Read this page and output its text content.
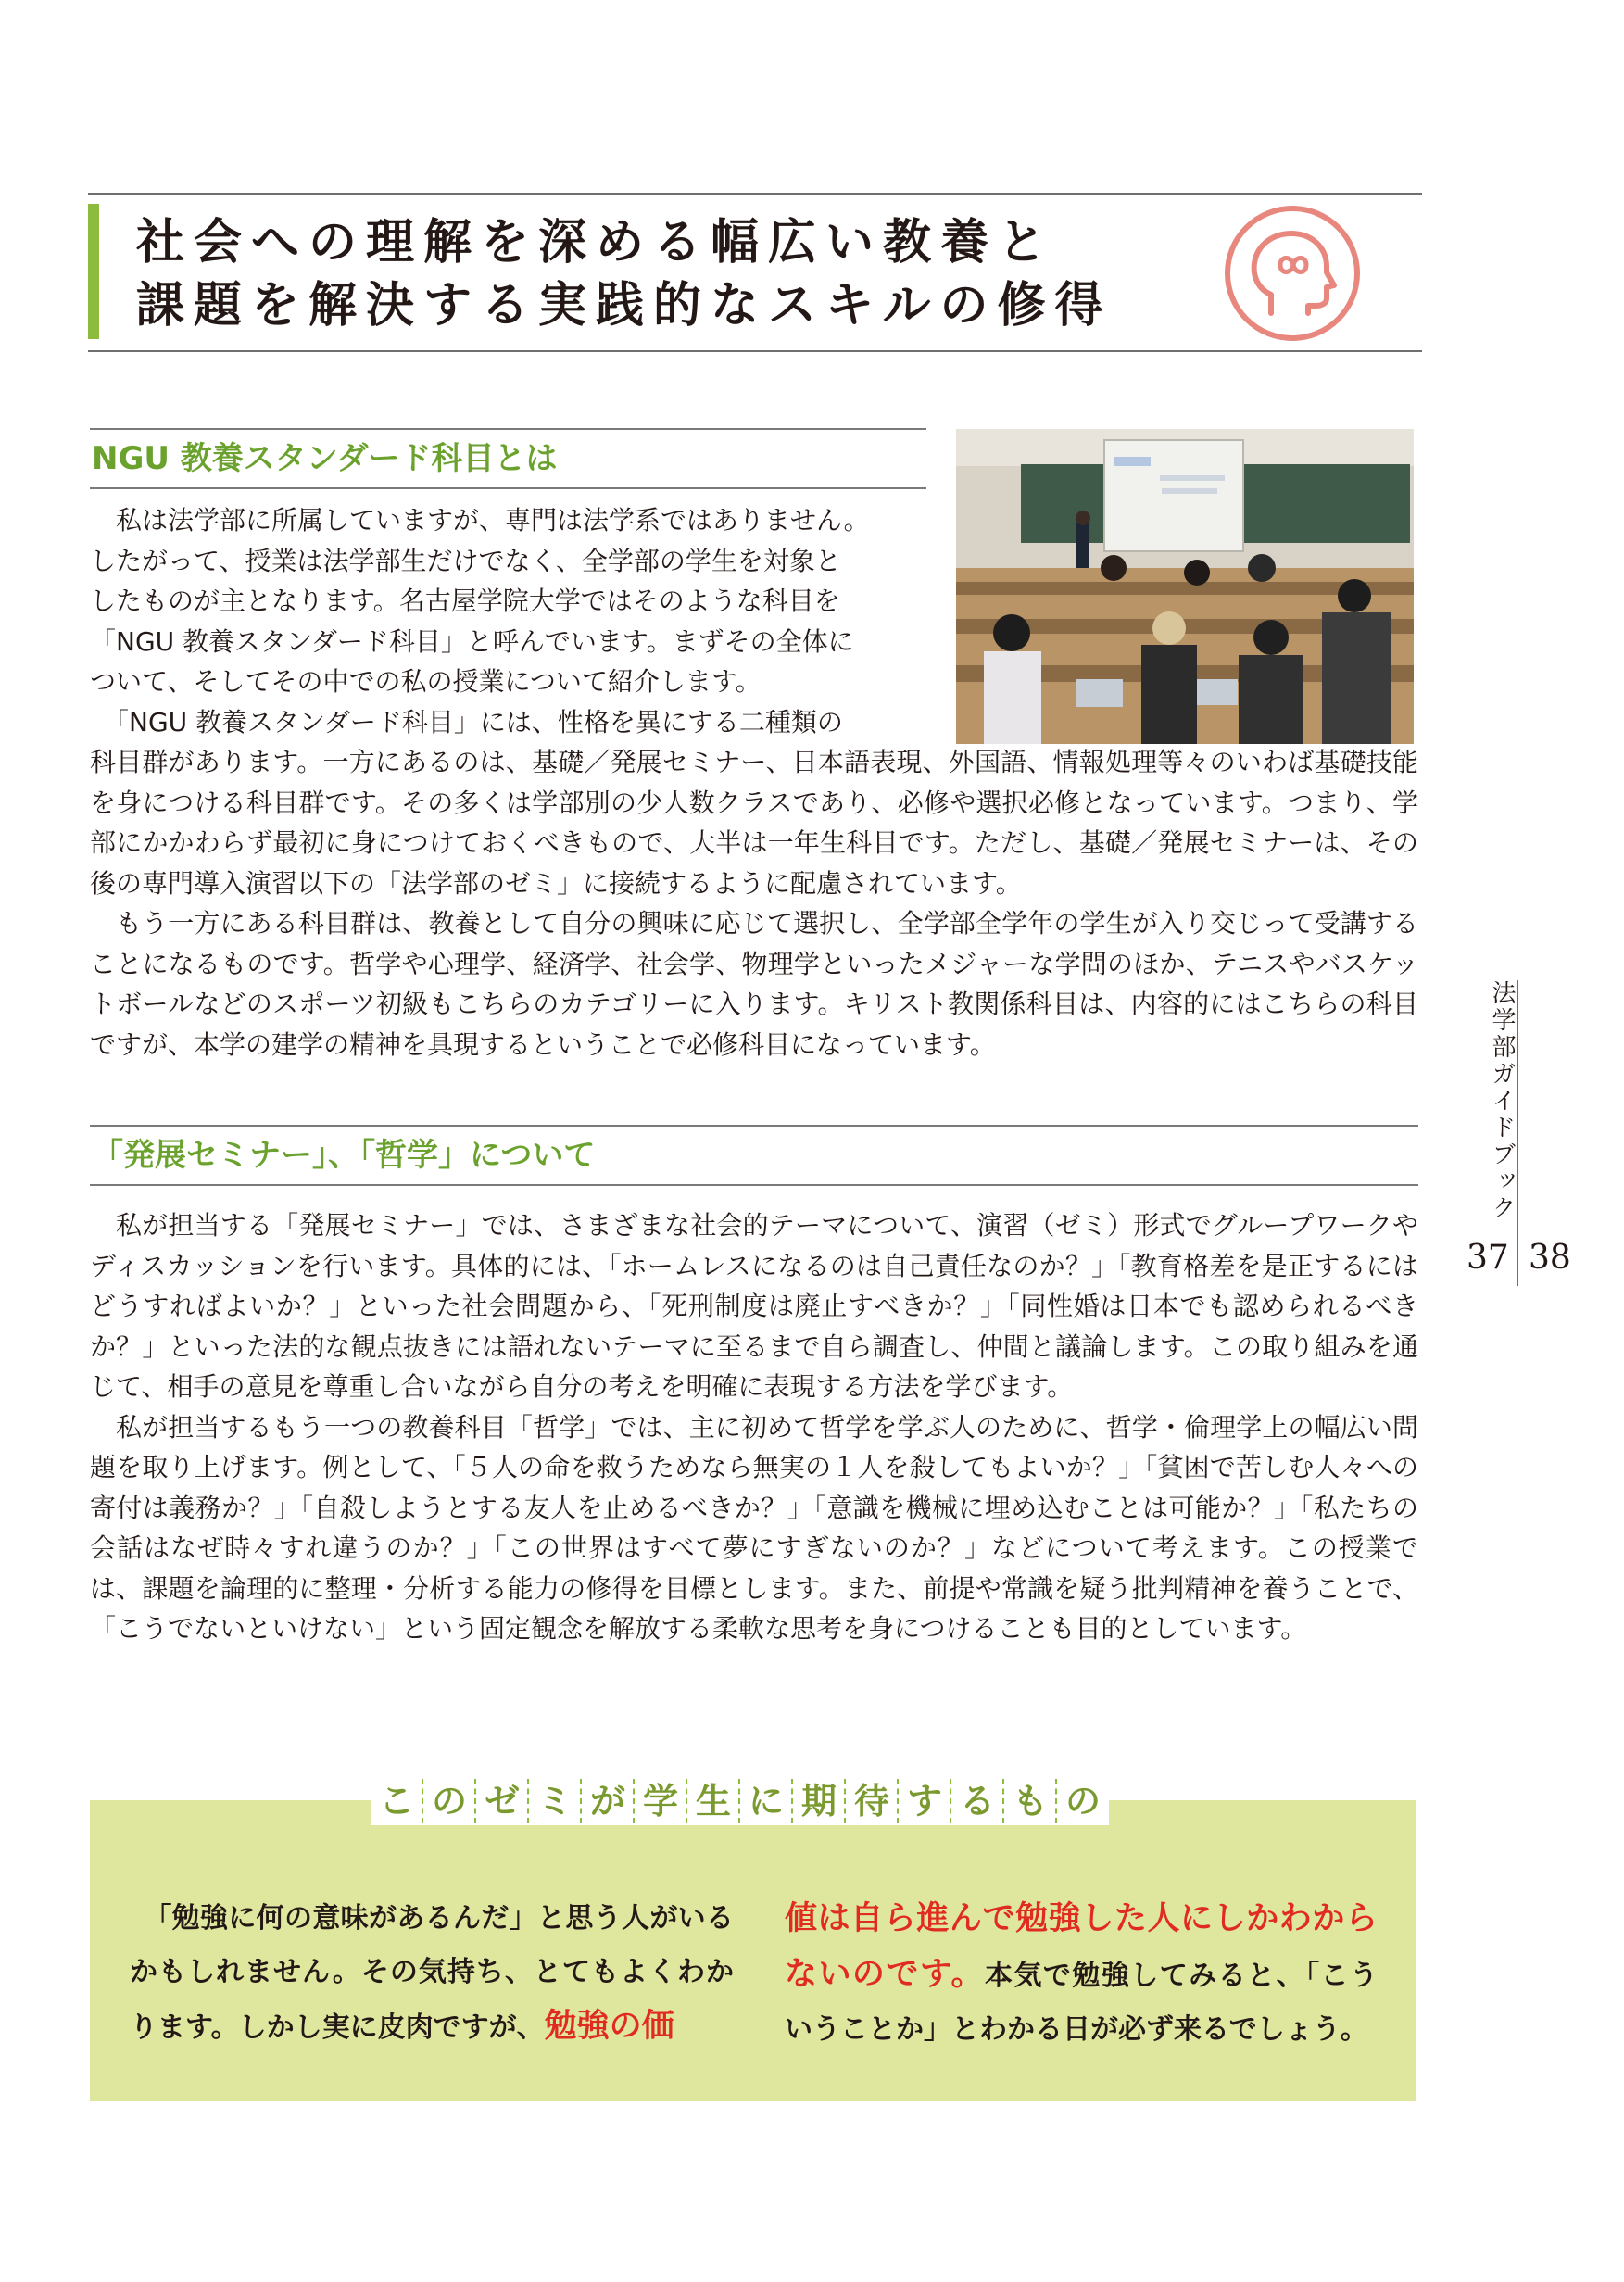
社会への理解を深める幅広い教養と
課題を解決する実践的なスキルの修得
NGU 教養スタンダード科目とは
　私は法学部に所属していますが、専門は法学系ではありません。
したがって、授業は法学部生だけでなく、全学部の学生を対象と
したものが主となります。名古屋学院大学ではそのような科目を
「NGU 教養スタンダード科目」と呼んでいます。まずその全体に
ついて、そしてその中での私の授業について紹介します。
　「NGU 教養スタンダード科目」には、性格を異にする二種類の
科目群があります。一方にあるのは、基礎／発展セミナー、日本語表現、外国語、情報処理等々のいわば基礎技能を身につける科目群です。その多くは学部別の少人数クラスであり、必修や選択必修となっています。つまり、学部にかかわらず最初に身につけておくべきもので、大半は一年生科目です。ただし、基礎／発展セミナーは、その後の専門導入演習以下の「法学部のゼミ」に接続するように配慮されています。

もう一方にある科目群は、教養として自分の興味に応じて選択し、全学部全学年の学生が入り交じって受講することになるものです。哲学や心理学、経済学、社会学、物理学といったメジャーな学問のほか、テニスやバスケットボールなどのスポーツ初級もこちらのカテゴリーに入ります。キリスト教関係科目は、内容的にはこちらの科目ですが、本学の建学の精神を具現するということで必修科目になっています。

「発展セミナー」、「哲学」について

私が担当する「発展セミナー」では、さまざまな社会的テーマについて、演習（ゼミ）形式でグループワークやディスカッションを行います。具体的には、「ホームレスになるのは自己責任なのか？」「教育格差を是正するにはどうすればよいか？」といった社会問題から、「死刑制度は廃止すべきか？」「同性婚は日本でも認められるべきか？」といった法的な観点抜きには語れないテーマに至るまで自ら調査し、仲間と議論します。この取り組みを通じて、相手の意見を尊重し合いながら自分の考えを明確に表現する方法を学びます。

私が担当するもう一つの教養科目「哲学」では、主に初めて哲学を学ぶ人のために、哲学・倫理学上の幅広い問題を取り上げます。例として、「５人の命を救うためなら無実の１人を殺してもよいか？」「貧困で苦しむ人々への寄付は義務か？」「自殺しようとする友人を止めるべきか？」「意識を機械に埋め込むことは可能か？」「私たちの会話はなぜ時々すれ違うのか？」「この世界はすべて夢にすぎないのか？」などについて考えます。この授業では、課題を論理的に整理・分析する能力の修得を目標とします。また、前提や常識を疑う批判精神を養うことで、「こうでないといけない」という固定観念を解放する柔軟な思考を身につけることも目的としています。

法学部ガイドブック
37 38
こ の ゼ ミ が 学 生 に 期 待 す る も の
　「勉強に何の意味があるんだ」と思う人がいるかもしれません。その気持ち、とてもよくわかります。しかし実に皮肉ですが、勉強の価
値は自ら進んで勉強した人にしかわからないのです。本気で勉強してみると、「こういうことか」とわかる日が必ず来るでしょう。
